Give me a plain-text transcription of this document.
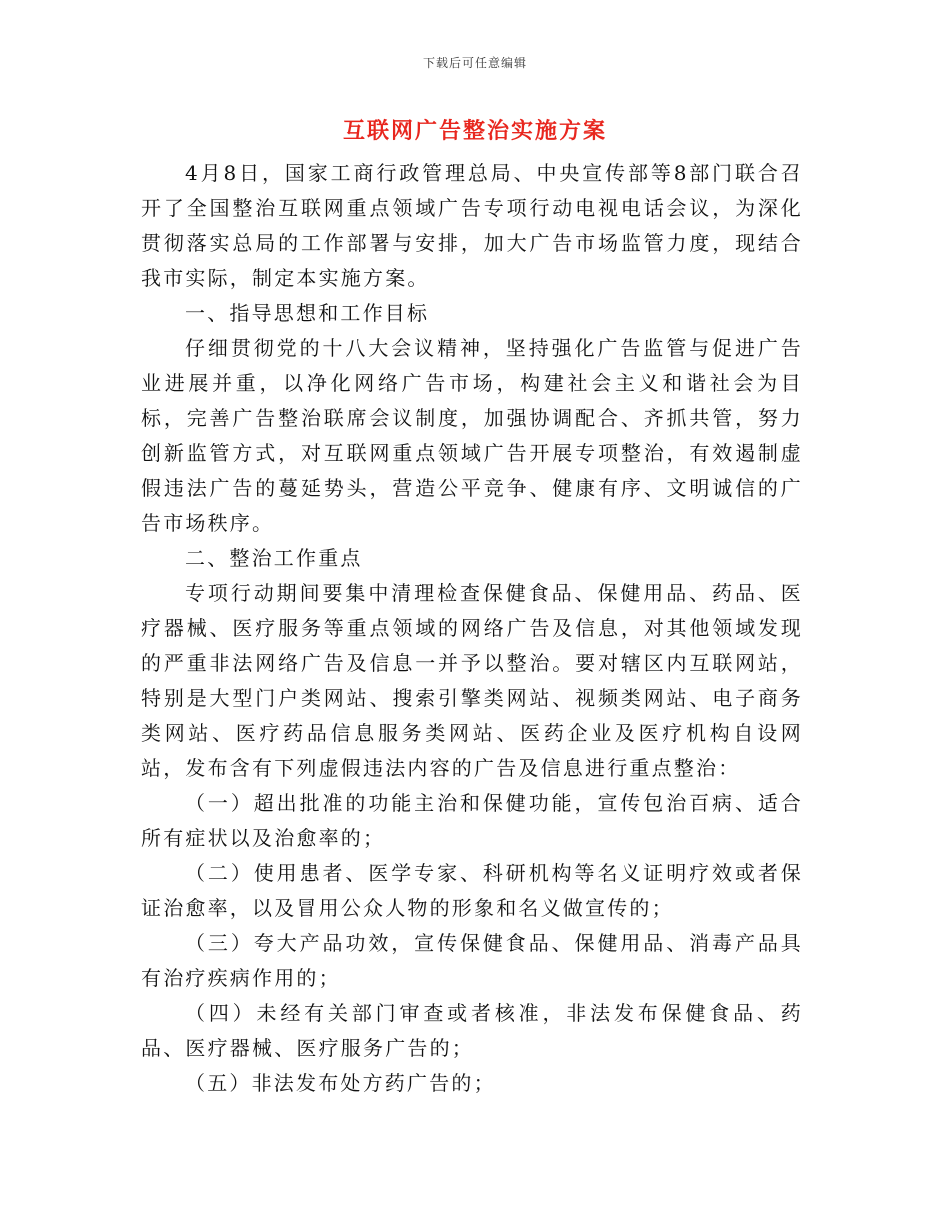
下载后可任意编辑
互联网广告整治实施方案

4月8日，国家工商行政管理总局、中央宣传部等8部门联合召开了全国整治互联网重点领域广告专项行动电视电话会议，为深化贯彻落实总局的工作部署与安排，加大广告市场监管力度，现结合我市实际，制定本实施方案。

一、指导思想和工作目标

仔细贯彻党的十八大会议精神，坚持强化广告监管与促进广告业进展并重，以净化网络广告市场，构建社会主义和谐社会为目标，完善广告整治联席会议制度，加强协调配合、齐抓共管，努力创新监管方式，对互联网重点领域广告开展专项整治，有效遏制虚假违法广告的蔓延势头，营造公平竞争、健康有序、文明诚信的广告市场秩序。

二、整治工作重点

专项行动期间要集中清理检查保健食品、保健用品、药品、医疗器械、医疗服务等重点领域的网络广告及信息，对其他领域发现的严重非法网络广告及信息一并予以整治。要对辖区内互联网站，特别是大型门户类网站、搜索引擎类网站、视频类网站、电子商务类网站、医疗药品信息服务类网站、医药企业及医疗机构自设网站，发布含有下列虚假违法内容的广告及信息进行重点整治：

（一）超出批准的功能主治和保健功能，宣传包治百病、适合所有症状以及治愈率的；

（二）使用患者、医学专家、科研机构等名义证明疗效或者保证治愈率，以及冒用公众人物的形象和名义做宣传的；

（三）夸大产品功效，宣传保健食品、保健用品、消毒产品具有治疗疾病作用的；

（四）未经有关部门审查或者核准，非法发布保健食品、药品、医疗器械、医疗服务广告的；

（五）非法发布处方药广告的；
